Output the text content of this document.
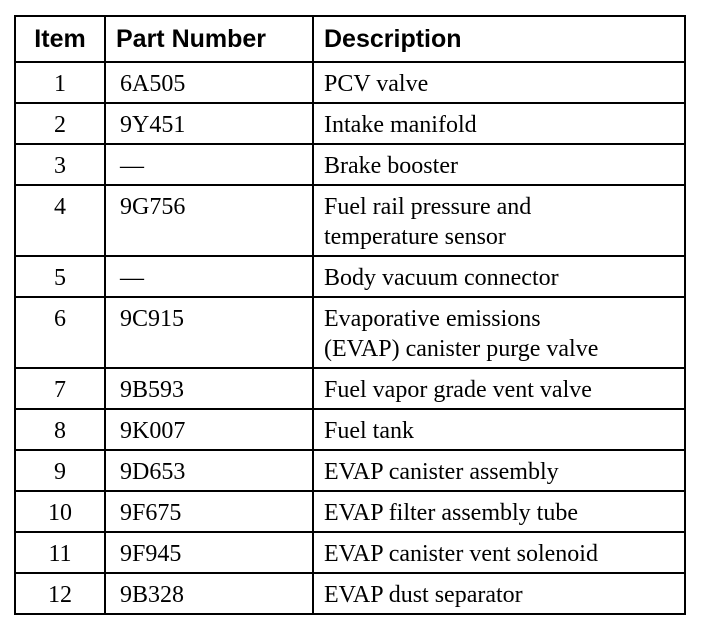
Item	Part Number	Description
1	6A505	PCV valve

2	9Y451	Intake manifold

3	—	Brake booster

4	9G756	Fuel rail pressure and
temperature sensor

5	—	Body vacuum connector

6	9C915	Evaporative emissions
(EVAP) canister purge valve

7	9B593	Fuel vapor grade vent valve

8	9K007	Fuel tank

9	9D653	EVAP canister assembly

10	9F675	EVAP filter assembly tube

11	9F945	EVAP canister vent solenoid

12	9B328	EVAP dust separator
